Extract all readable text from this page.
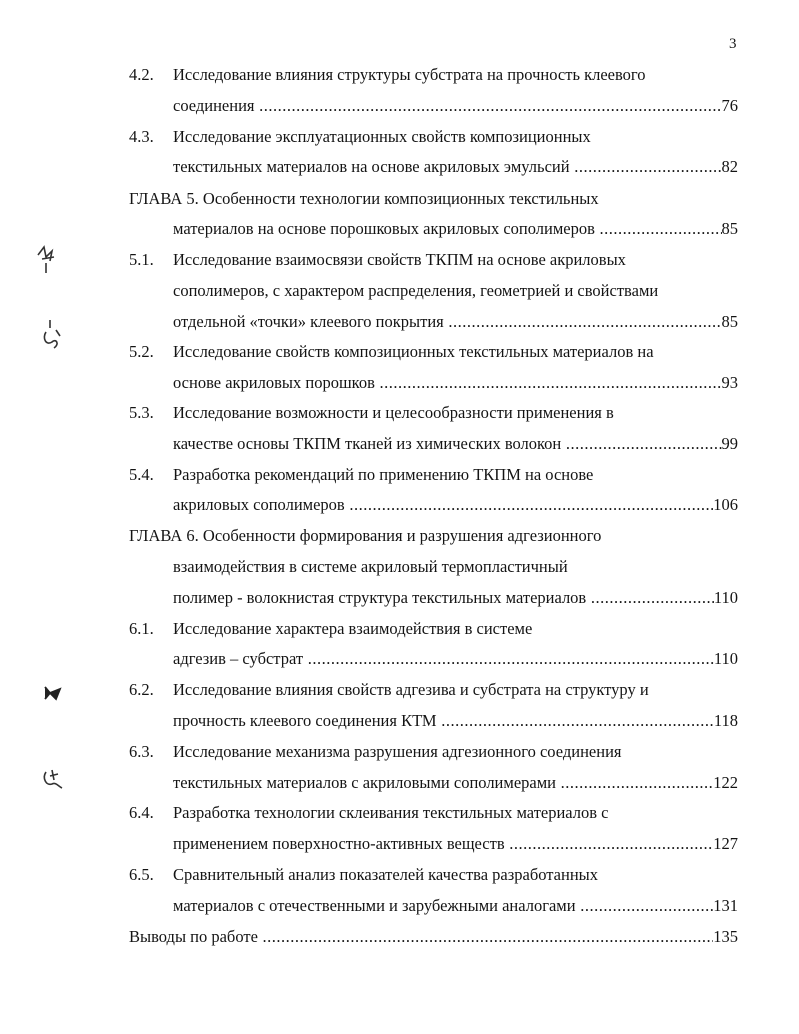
3
4.2.	Исследование влияния структуры субстрата на прочность клеевого
соединения .....	76
4.3.	Исследование эксплуатационных свойств композиционных
текстильных материалов на основе акриловых эмульсий .....	82
ГЛАВА 5. Особенности технологии композиционных текстильных
материалов на основе порошковых акриловых сополимеров .....	85
5.1.	Исследование взаимосвязи свойств ТКПМ на основе акриловых
сополимеров, с характером распределения, геометрией и свойствами
отдельной «точки» клеевого покрытия .....	85
5.2.	Исследование свойств композиционных текстильных материалов на
основе акриловых порошков .....	93
5.3.	Исследование возможности и целесообразности применения в
качестве основы ТКПМ тканей из химических волокон .....	99
5.4.	Разработка рекомендаций по применению ТКПМ на основе
акриловых сополимеров .....	106
ГЛАВА 6. Особенности формирования и разрушения адгезионного
взаимодействия в системе акриловый термопластичный
полимер - волокнистая структура текстильных материалов .....	110
6.1.	Исследование характера взаимодействия в системе
адгезив – субстрат .....	110
6.2.	Исследование влияния свойств адгезива и субстрата на структуру и
прочность клеевого соединения КТМ .....	118
6.3.	Исследование механизма разрушения адгезионного соединения
текстильных материалов с акриловыми сополимерами .....	122
6.4.	Разработка технологии склеивания текстильных материалов с
применением поверхностно-активных веществ .....	127
6.5.	Сравнительный анализ показателей качества разработанных
материалов с отечественными и зарубежными аналогами .....	131
Выводы по работе .....	135
